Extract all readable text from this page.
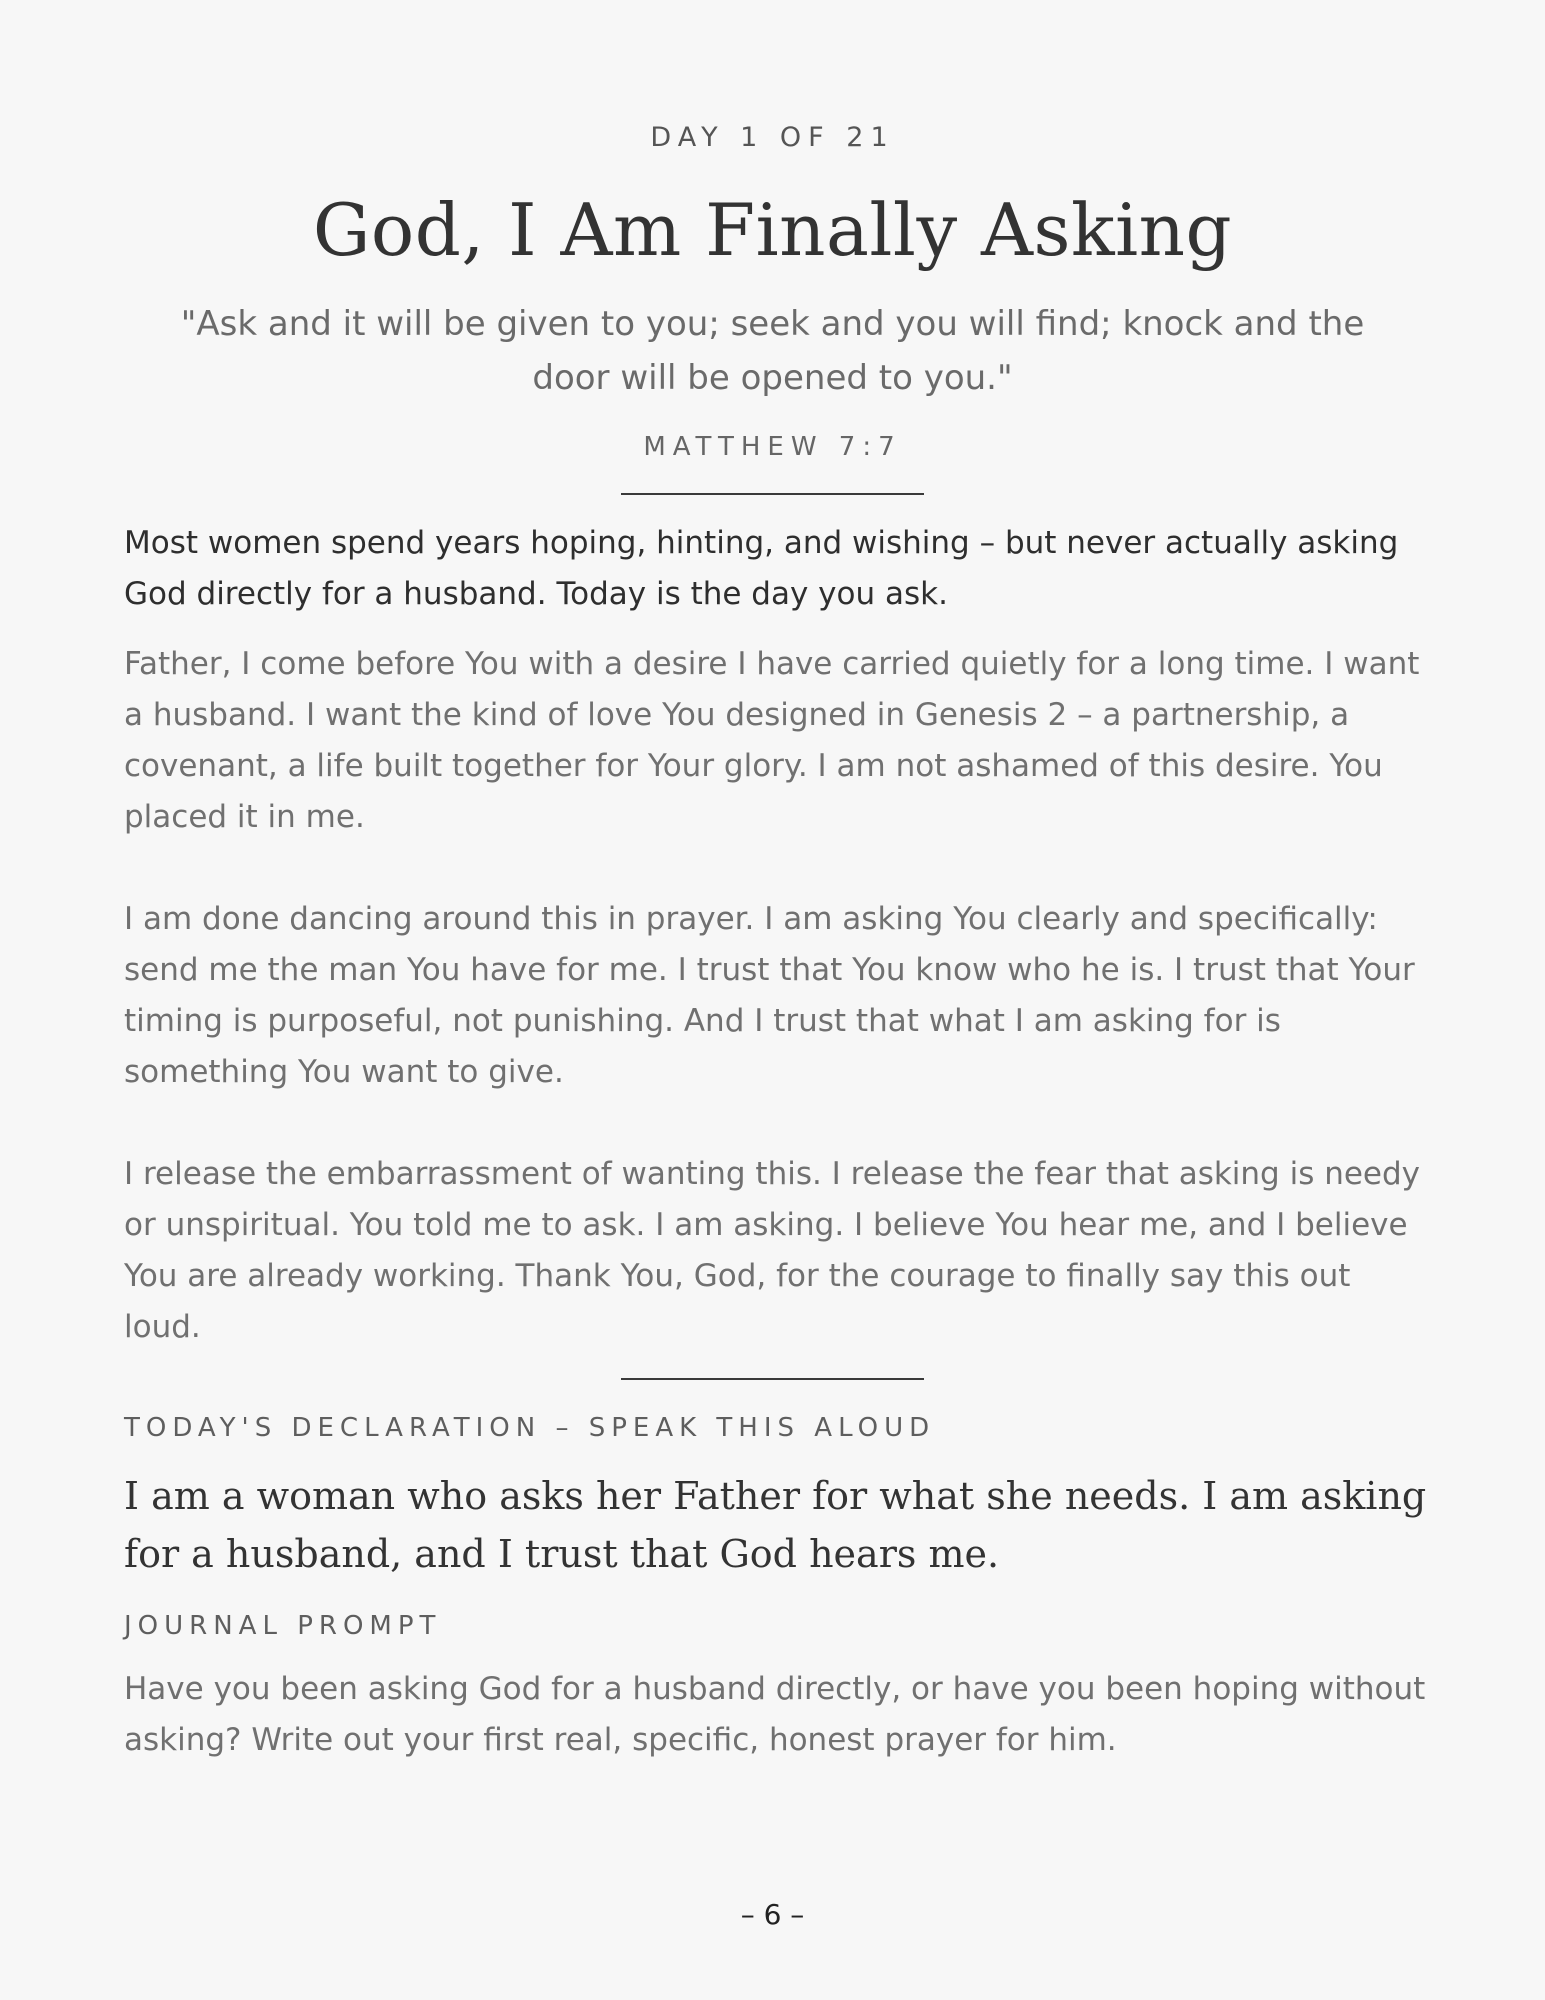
DAY 1 OF 21
God, I Am Finally Asking
"Ask and it will be given to you; seek and you will find; knock and the door will be opened to you."
MATTHEW 7:7
Most women spend years hoping, hinting, and wishing – but never actually asking God directly for a husband. Today is the day you ask.

Father, I come before You with a desire I have carried quietly for a long time. I want a husband. I want the kind of love You designed in Genesis 2 – a partnership, a covenant, a life built together for Your glory. I am not ashamed of this desire. You placed it in me.

I am done dancing around this in prayer. I am asking You clearly and specifically: send me the man You have for me. I trust that You know who he is. I trust that Your timing is purposeful, not punishing. And I trust that what I am asking for is something You want to give.

I release the embarrassment of wanting this. I release the fear that asking is needy or unspiritual. You told me to ask. I am asking. I believe You hear me, and I believe You are already working. Thank You, God, for the courage to finally say this out loud.

TODAY'S DECLARATION – SPEAK THIS ALOUD
I am a woman who asks her Father for what she needs. I am asking for a husband, and I trust that God hears me.
JOURNAL PROMPT
Have you been asking God for a husband directly, or have you been hoping without asking? Write out your first real, specific, honest prayer for him.
– 6 –
